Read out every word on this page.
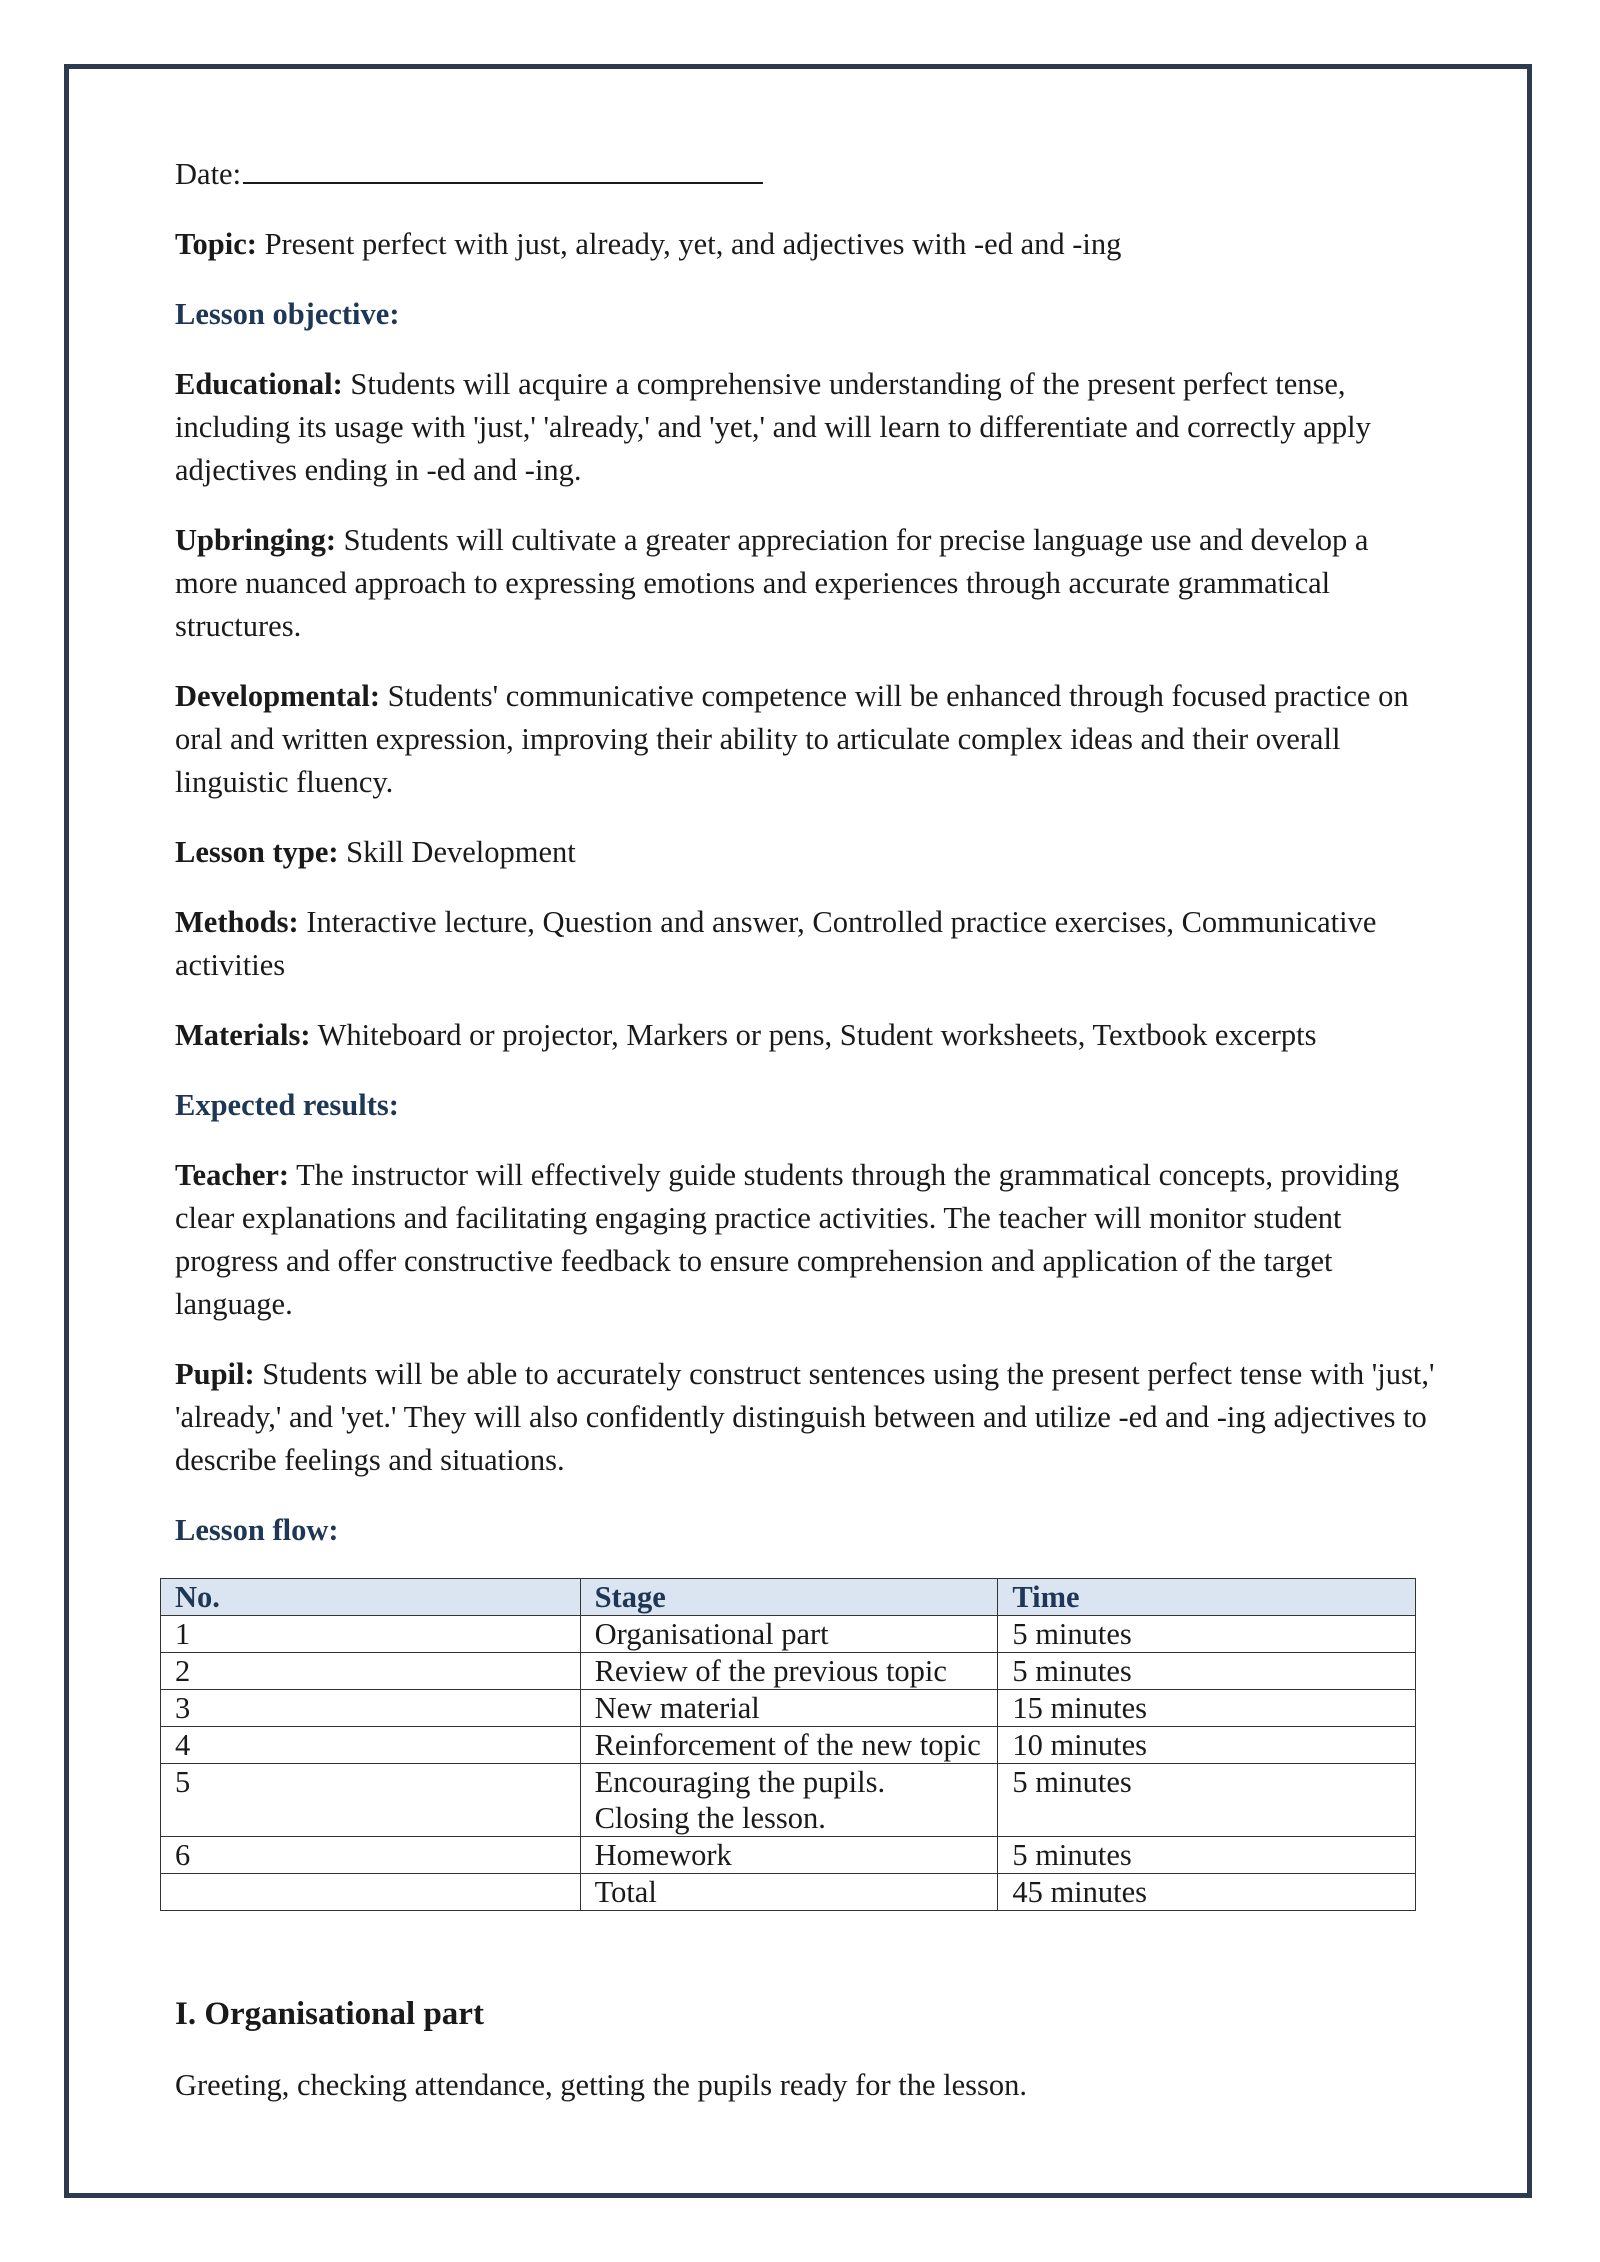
Date:

Topic: Present perfect with just, already, yet, and adjectives with -ed and -ing

Lesson objective:

Educational: Students will acquire a comprehensive understanding of the present perfect tense, including its usage with 'just,' 'already,' and 'yet,' and will learn to differentiate and correctly apply adjectives ending in -ed and -ing.

Upbringing: Students will cultivate a greater appreciation for precise language use and develop a more nuanced approach to expressing emotions and experiences through accurate grammatical structures.

Developmental: Students' communicative competence will be enhanced through focused practice on oral and written expression, improving their ability to articulate complex ideas and their overall linguistic fluency.

Lesson type: Skill Development

Methods: Interactive lecture, Question and answer, Controlled practice exercises, Communicative activities

Materials: Whiteboard or projector, Markers or pens, Student worksheets, Textbook excerpts

Expected results:

Teacher: The instructor will effectively guide students through the grammatical concepts, providing clear explanations and facilitating engaging practice activities. The teacher will monitor student progress and offer constructive feedback to ensure comprehension and application of the target language.

Pupil: Students will be able to accurately construct sentences using the present perfect tense with 'just,' 'already,' and 'yet.' They will also confidently distinguish between and utilize -ed and -ing adjectives to describe feelings and situations.

Lesson flow:

No.	Stage	Time
1	Organisational part	5 minutes
2	Review of the previous topic	5 minutes
3	New material	15 minutes
4	Reinforcement of the new topic	10 minutes
5	Encouraging the pupils. Closing the lesson.	5 minutes
6	Homework	5 minutes
	Total	45 minutes
I. Organisational part
Greeting, checking attendance, getting the pupils ready for the lesson.
